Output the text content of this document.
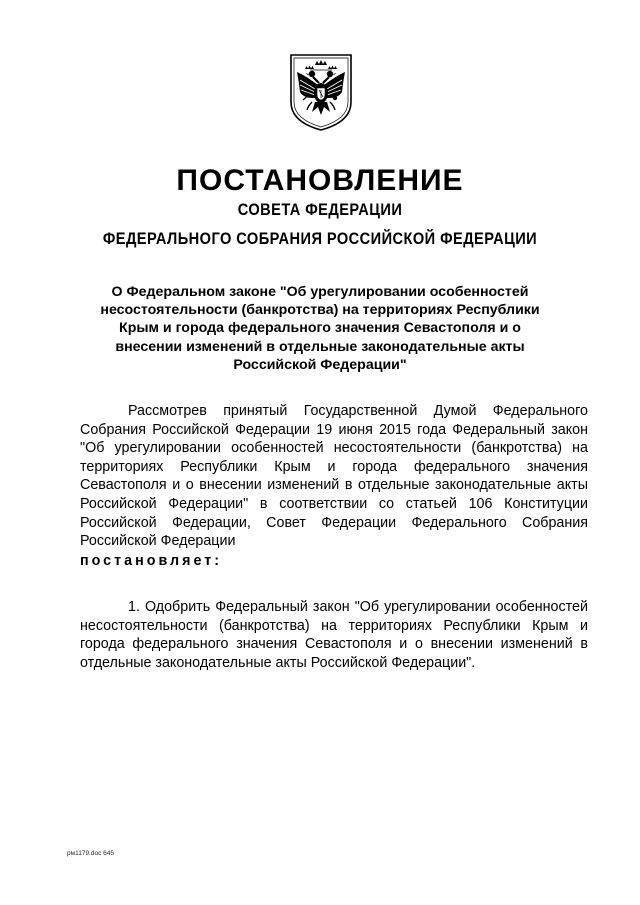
ПОСТАНОВЛЕНИЕ
СОВЕТА ФЕДЕРАЦИИ
ФЕДЕРАЛЬНОГО СОБРАНИЯ РОССИЙСКОЙ ФЕДЕРАЦИИ

О Федеральном законе "Об урегулировании особенностей несостоятельности (банкротства) на территориях Республики Крым и города федерального значения Севастополя и о внесении изменений в отдельные законодательные акты Российской Федерации"

Рассмотрев принятый Государственной Думой Федерального Собрания Российской Федерации 19 июня 2015 года Федеральный закон "Об урегулировании особенностей несостоятельности (банкротства) на территориях Республики Крым и города федерального значения Севастополя и о внесении изменений в отдельные законодательные акты Российской Федерации" в соответствии со статьей 106 Конституции Российской Федерации, Совет Федерации Федерального Собрания Российской Федерации

постановляет:

1. Одобрить Федеральный закон "Об урегулировании особенностей несостоятельности (банкротства) на территориях Республики Крым и города федерального значения Севастополя и о внесении изменений в отдельные законодательные акты Российской Федерации".

рм1179.doc 645
